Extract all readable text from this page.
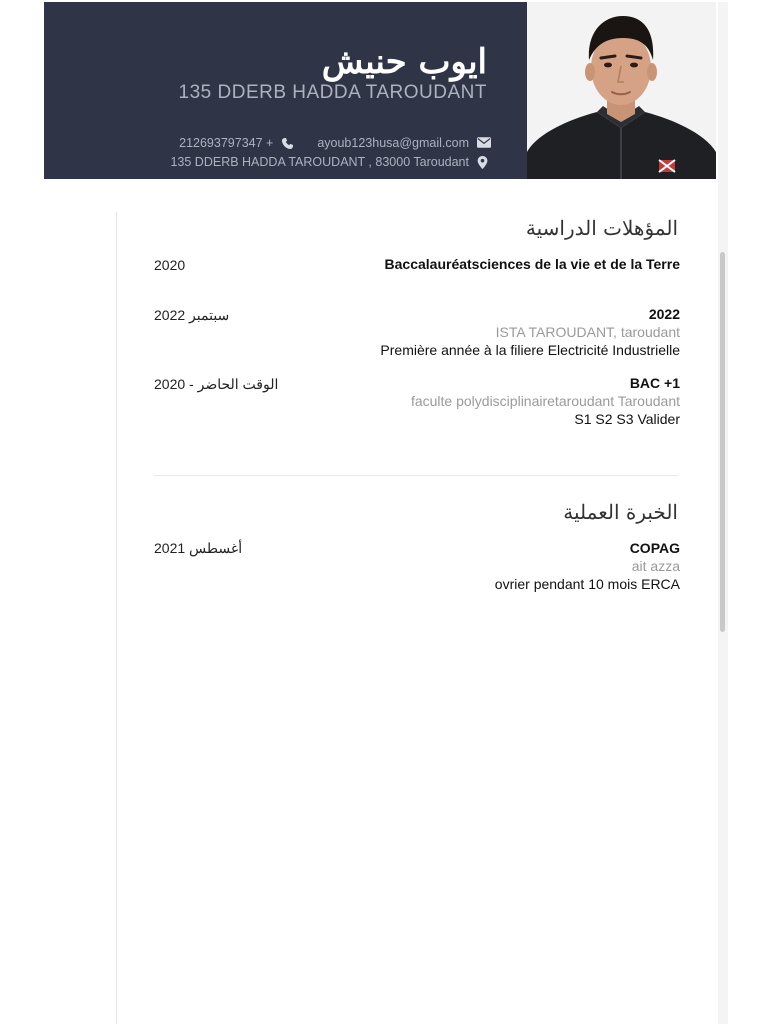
ايوب حنيش
135 DDERB HADDA TAROUDANT
212693797347 +	ayoub123husa@gmail.com
135 DDERB HADDA TAROUDANT , 83000 Taroudant
المؤهلات الدراسية
Baccalauréatsciences de la vie et de la Terre
2020
2022
سبتمبر 2022
ISTA TAROUDANT, taroudant
Première année à la filiere Electricité Industrielle
BAC +1
2020 - الوقت الحاضر
faculte polydisciplinairetaroudant Taroudant
S1 S2 S3 Valider
الخبرة العملية
COPAG
أغسطس 2021
ait azza
ovrier pendant 10 mois ERCA
